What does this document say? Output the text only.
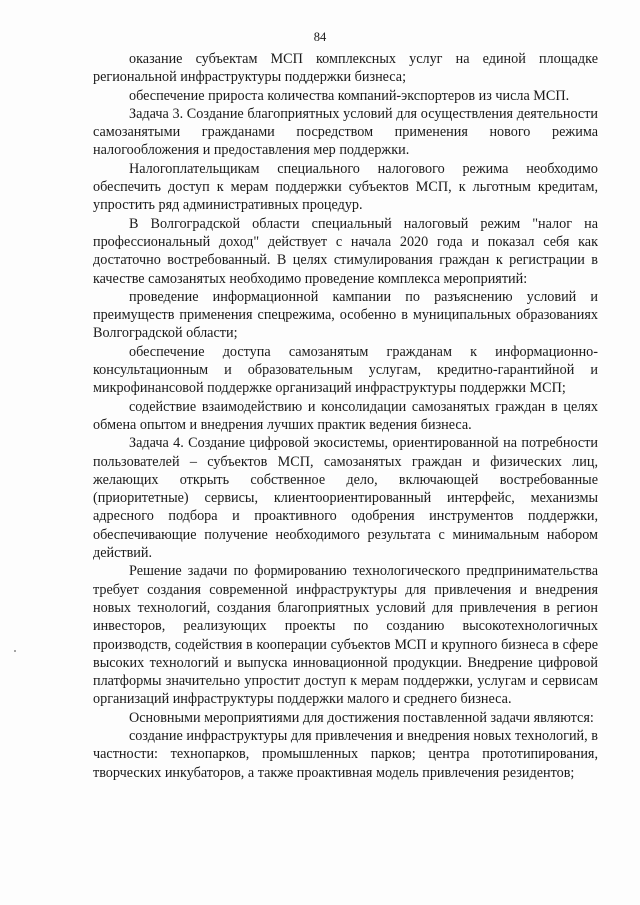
84

оказание субъектам МСП комплексных услуг на единой площадке региональной инфраструктуры поддержки бизнеса;

обеспечение прироста количества компаний-экспортеров из числа МСП.

Задача 3. Создание благоприятных условий для осуществления деятельности самозанятыми гражданами посредством применения нового режима налогообложения и предоставления мер поддержки.

Налогоплательщикам специального налогового режима необходимо обеспечить доступ к мерам поддержки субъектов МСП, к льготным кредитам, упростить ряд административных процедур.

В Волгоградской области специальный налоговый режим "налог на профессиональный доход" действует с начала 2020 года и показал себя как достаточно востребованный. В целях стимулирования граждан к регистрации в качестве самозанятых необходимо проведение комплекса мероприятий:

проведение информационной кампании по разъяснению условий и преимуществ применения спецрежима, особенно в муниципальных образованиях Волгоградской области;

обеспечение доступа самозанятым гражданам к информационно-консультационным и образовательным услугам, кредитно-гарантийной и микрофинансовой поддержке организаций инфраструктуры поддержки МСП;

содействие взаимодействию и консолидации самозанятых граждан в целях обмена опытом и внедрения лучших практик ведения бизнеса.

Задача 4. Создание цифровой экосистемы, ориентированной на потребности пользователей – субъектов МСП, самозанятых граждан и физических лиц, желающих открыть собственное дело, включающей востребованные (приоритетные) сервисы, клиентоориентированный интерфейс, механизмы адресного подбора и проактивного одобрения инструментов поддержки, обеспечивающие получение необходимого результата с минимальным набором действий.

Решение задачи по формированию технологического предпринимательства требует создания современной инфраструктуры для привлечения и внедрения новых технологий, создания благоприятных условий для привлечения в регион инвесторов, реализующих проекты по созданию высокотехнологичных производств, содействия в кооперации субъектов МСП и крупного бизнеса в сфере высоких технологий и выпуска инновационной продукции. Внедрение цифровой платформы значительно упростит доступ к мерам поддержки, услугам и сервисам организаций инфраструктуры поддержки малого и среднего бизнеса.

Основными мероприятиями для достижения поставленной задачи являются:

создание инфраструктуры для привлечения и внедрения новых технологий, в частности: технопарков, промышленных парков; центра прототипирования, творческих инкубаторов, а также проактивная модель привлечения резидентов;
